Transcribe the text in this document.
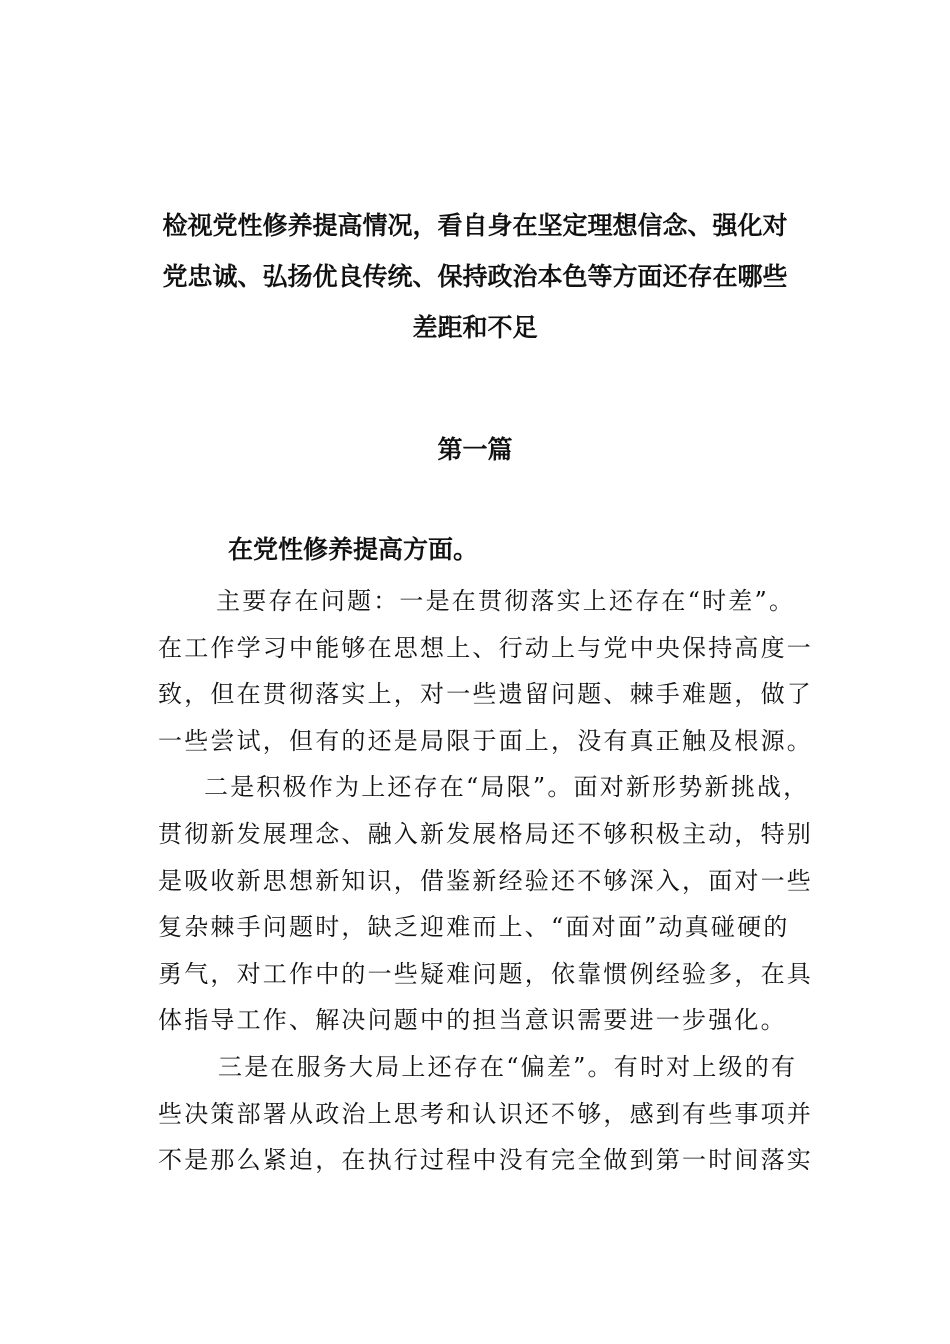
检视党性修养提高情况，看自身在坚定理想信念、强化对
党忠诚、弘扬优良传统、保持政治本色等方面还存在哪些
差距和不足
第一篇
在党性修养提高方面。
主要存在问题：一是在贯彻落实上还存在“时差”。
在工作学习中能够在思想上、行动上与党中央保持高度一
致，但在贯彻落实上，对一些遗留问题、棘手难题，做了
一些尝试，但有的还是局限于面上，没有真正触及根源。
二是积极作为上还存在“局限”。面对新形势新挑战，
贯彻新发展理念、融入新发展格局还不够积极主动，特别
是吸收新思想新知识，借鉴新经验还不够深入，面对一些
复杂棘手问题时，缺乏迎难而上、“面对面”动真碰硬的
勇气，对工作中的一些疑难问题，依靠惯例经验多，在具
体指导工作、解决问题中的担当意识需要进一步强化。
三是在服务大局上还存在“偏差”。有时对上级的有
些决策部署从政治上思考和认识还不够，感到有些事项并
不是那么紧迫，在执行过程中没有完全做到第一时间落实
